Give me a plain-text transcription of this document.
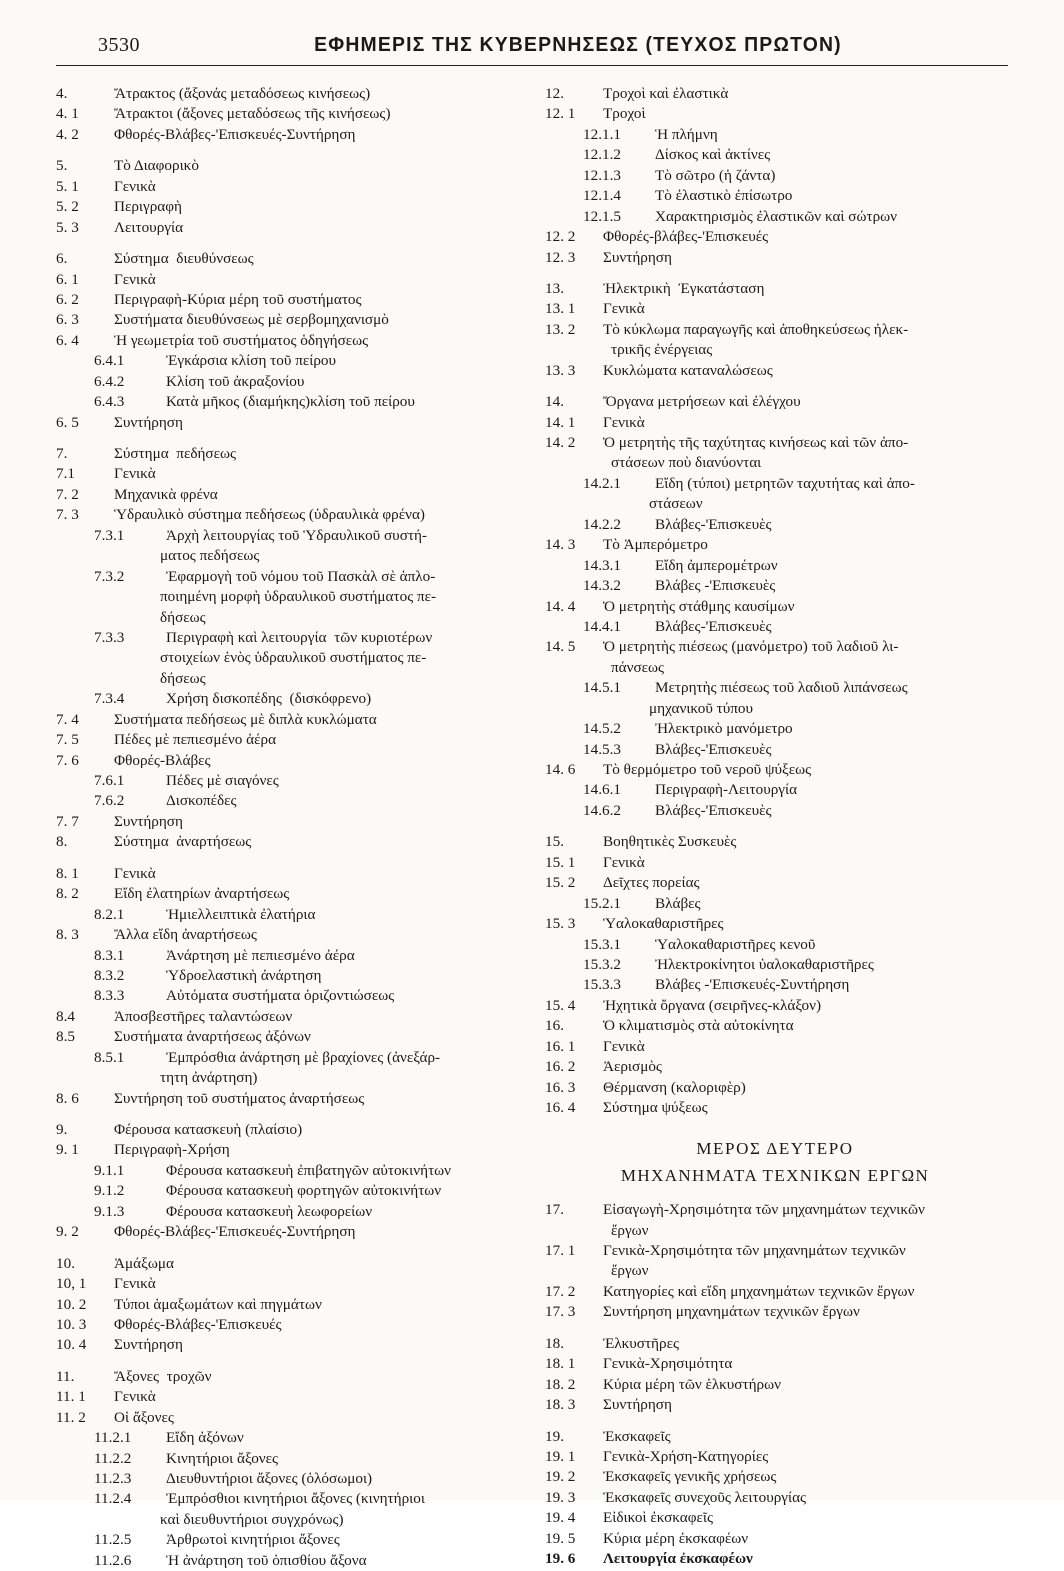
3530	ΕΦΗΜΕΡΙΣ ΤΗΣ ΚΥΒΕΡΝΗΣΕΩΣ (ΤΕΥΧΟΣ ΠΡΩΤΟΝ)
4.	Ἄτρακτος (ἄξονἀς μεταδόσεως κινήσεως)
4. 1	Ἄτρακτοι (ἄξονες μεταδόσεως τῆς κινήσεως)
4. 2	Φθορές-Βλάβες-'Επισκευές-Συντήρηση
5.	Τὸ Διαφορικὸ
5. 1	Γενικὰ
5. 2	Περιγραφὴ
5. 3	Λειτουργία
6.	Σύστημα  διευθύνσεως
6. 1	Γενικὰ
6. 2	Περιγραφὴ-Κύρια μέρη τοῦ συστήματος
6. 3	Συστήματα διευθύνσεως μὲ σερβομηχανισμὸ
6. 4	Ἡ γεωμετρία τοῦ συστήματος ὁδηγήσεως
6.4.1	Ἐγκάρσια κλίση τοῦ πείρου
6.4.2	Κλίση τοῦ ἀκραξονίου
6.4.3	Κατὰ μῆκος (διαμήκης)κλίση τοῦ πείρου
6. 5	Συντήρηση
7.	Σύστημα  πεδήσεως
7.1	Γενικὰ
7. 2	Μηχανικὰ φρένα
7. 3	Ὑδραυλικὸ σύστημα πεδήσεως (ὑδραυλικὰ φρένα)
7.3.1	Ἀρχὴ λειτουργίας τοῦ Ὑδραυλικοῦ συστή-
ματος πεδήσεως
7.3.2	Ἐφαρμογὴ τοῦ νόμου τοῦ Πασκὰλ σὲ ἁπλο-
ποιημένη μορφὴ ὑδραυλικοῦ συστήματος πε-
δήσεως
7.3.3	Περιγραφὴ καὶ λειτουργία  τῶν κυριοτέρων
στοιχείων ἑνὸς ὑδραυλικοῦ συστήματος πε-
δήσεως
7.3.4	Χρήση δισκοπέδης  (δισκόφρενο)
7. 4	Συστήματα πεδήσεως μὲ διπλὰ κυκλώματα
7. 5	Πέδες μὲ πεπιεσμένο ἀέρα
7. 6	Φθορές-Βλάβες
7.6.1	Πέδες μὲ σιαγόνες
7.6.2	Δισκοπέδες
7. 7	Συντήρηση
8.	Σύστημα  ἀναρτήσεως
8. 1	Γενικὰ
8. 2	Εἴδη ἐλατηρίων ἀναρτήσεως
8.2.1	Ἡμιελλειπτικὰ ἐλατήρια
8. 3	Ἄλλα εἴδη ἀναρτήσεως
8.3.1	Ἀνάρτηση μὲ πεπιεσμένο ἀέρα
8.3.2	Ὑδροελαστικὴ ἀνάρτηση
8.3.3	Αὐτόματα συστήματα ὁριζοντιώσεως
8.4	Ἀποσβεστῆρες ταλαντώσεων
8.5	Συστήματα ἀναρτήσεως ἀξόνων
8.5.1	Ἐμπρόσθια ἀνάρτηση μὲ βραχίονες (ἀνεξάρ-
τητη ἀνάρτηση)
8. 6	Συντήρηση τοῦ συστήματος ἀναρτήσεως
9.	Φέρουσα κατασκευὴ (πλαίσιο)
9. 1	Περιγραφὴ-Χρήση
9.1.1	Φέρουσα κατασκευὴ ἐπιβατηγῶν αὐτοκινήτων
9.1.2	Φέρουσα κατασκευὴ φορτηγῶν αὐτοκινήτων
9.1.3	Φέρουσα κατασκευὴ λεωφορείων
9. 2	Φθορές-Βλάβες-'Επισκευές-Συντήρηση
10.	Ἁμάξωμα
10, 1	Γενικὰ
10. 2	Τύποι ἁμαξωμάτων καὶ πηγμάτων
10. 3	Φθορές-Βλάβες-'Επισκευές
10. 4	Συντήρηση
11.	Ἄξονες  τροχῶν
11. 1	Γενικὰ
11. 2	Οἱ ἄξονες
11.2.1	Εἴδη ἀξόνων
11.2.2	Κινητήριοι ἄξονες
11.2.3	Διευθυντήριοι ἄξονες (ὁλόσωμοι)
11.2.4	Ἐμπρόσθιοι κινητήριοι ἄξονες (κινητήριοι
καὶ διευθυντήριοι συγχρόνως)
11.2.5	Ἀρθρωτοὶ κινητήριοι ἄξονες
11.2.6	Ἡ ἀνάρτηση τοῦ ὀπισθίου ἄξονα
12.	Τροχοὶ καὶ ἐλαστικὰ
12. 1	Τροχοὶ
12.1.1	Ἡ πλήμνη
12.1.2	Δίσκος καὶ ἀκτίνες
12.1.3	Τὸ σῶτρο (ἡ ζάντα)
12.1.4	Τὸ ἐλαστικὸ ἐπίσωτρο
12.1.5	Χαρακτηρισμὸς ἐλαστικῶν καὶ σώτρων
12. 2	Φθορές-βλάβες-'Επισκευές
12. 3	Συντήρηση
13.	Ἠλεκτρικὴ  Ἐγκατάσταση
13. 1	Γενικὰ
13. 2	Τὸ κύκλωμα παραγωγῆς καὶ ἀποθηκεύσεως ἠλεκ-
τρικῆς ἐνέργειας
13. 3	Κυκλώματα καταναλώσεως
14.	Ὄργανα μετρήσεων καὶ ἐλέγχου
14. 1	Γενικὰ
14. 2	Ὁ μετρητὴς τῆς ταχύτητας κινήσεως καὶ τῶν ἀπο-
στάσεων ποὺ διανύονται
14.2.1	Εἴδη (τύποι) μετρητῶν ταχυτήτας καὶ ἀπο-
στάσεων
14.2.2	Βλάβες-'Επισκευὲς
14. 3	Τὸ Ἀμπερόμετρο
14.3.1	Εἴδη ἀμπερομέτρων
14.3.2	Βλάβες -'Επισκευὲς
14. 4	Ὁ μετρητὴς στάθμης καυσίμων
14.4.1	Βλάβες-'Επισκευὲς
14. 5	Ὁ μετρητὴς πιέσεως (μανόμετρο) τοῦ λαδιοῦ λι-
πάνσεως
14.5.1	Μετρητὴς πιέσεως τοῦ λαδιοῦ λιπάνσεως
μηχανικοῦ τύπου
14.5.2	Ἠλεκτρικὸ μανόμετρο
14.5.3	Βλάβες-'Επισκευὲς
14. 6	Τὸ θερμόμετρο τοῦ νεροῦ ψύξεως
14.6.1	Περιγραφὴ-Λειτουργία
14.6.2	Βλάβες-'Επισκευὲς
15.	Βοηθητικὲς Συσκευὲς
15. 1	Γενικὰ
15. 2	Δεῖχτες πορείας
15.2.1	Βλάβες
15. 3	Ὑαλοκαθαριστῆρες
15.3.1	Ὑαλοκαθαριστῆρες κενοῦ
15.3.2	Ἠλεκτροκίνητοι ὑαλοκαθαριστῆρες
15.3.3	Βλάβες -'Επισκευές-Συντήρηση
15. 4	Ἠχητικὰ ὄργανα (σειρῆνες-κλάξον)
16.	Ὁ κλιματισμὸς στὰ αὐτοκίνητα
16. 1	Γενικὰ
16. 2	Ἀερισμὸς
16. 3	Θέρμανση (καλοριφὲρ)
16. 4	Σύστημα ψύξεως
ΜΕΡΟΣ ΔΕΥΤΕΡΟ
ΜΗΧΑΝΗΜΑΤΑ ΤΕΧΝΙΚΩΝ ΕΡΓΩΝ
17.	Εἰσαγωγὴ-Χρησιμότητα τῶν μηχανημάτων τεχνικῶν
ἔργων
17. 1	Γενικὰ-Χρησιμότητα τῶν μηχανημάτων τεχνικῶν
ἔργων
17. 2	Κατηγορίες καὶ εἴδη μηχανημάτων τεχνικῶν ἔργων
17. 3	Συντήρηση μηχανημάτων τεχνικῶν ἔργων
18.	Ἑλκυστῆρες
18. 1	Γενικὰ-Χρησιμότητα
18. 2	Κύρια μέρη τῶν ἑλκυστήρων
18. 3	Συντήρηση
19.	Ἐκσκαφεῖς
19. 1	Γενικὰ-Χρήση-Κατηγορίες
19. 2	Ἐκσκαφεῖς γενικῆς χρήσεως
19. 3	Ἐκσκαφεῖς συνεχοῦς λειτουργίας
19. 4	Εἰδικοὶ ἐκσκαφεῖς
19. 5	Κύρια μέρη ἐκσκαφέων
19. 6	Λειτουργία ἐκσκαφέων
